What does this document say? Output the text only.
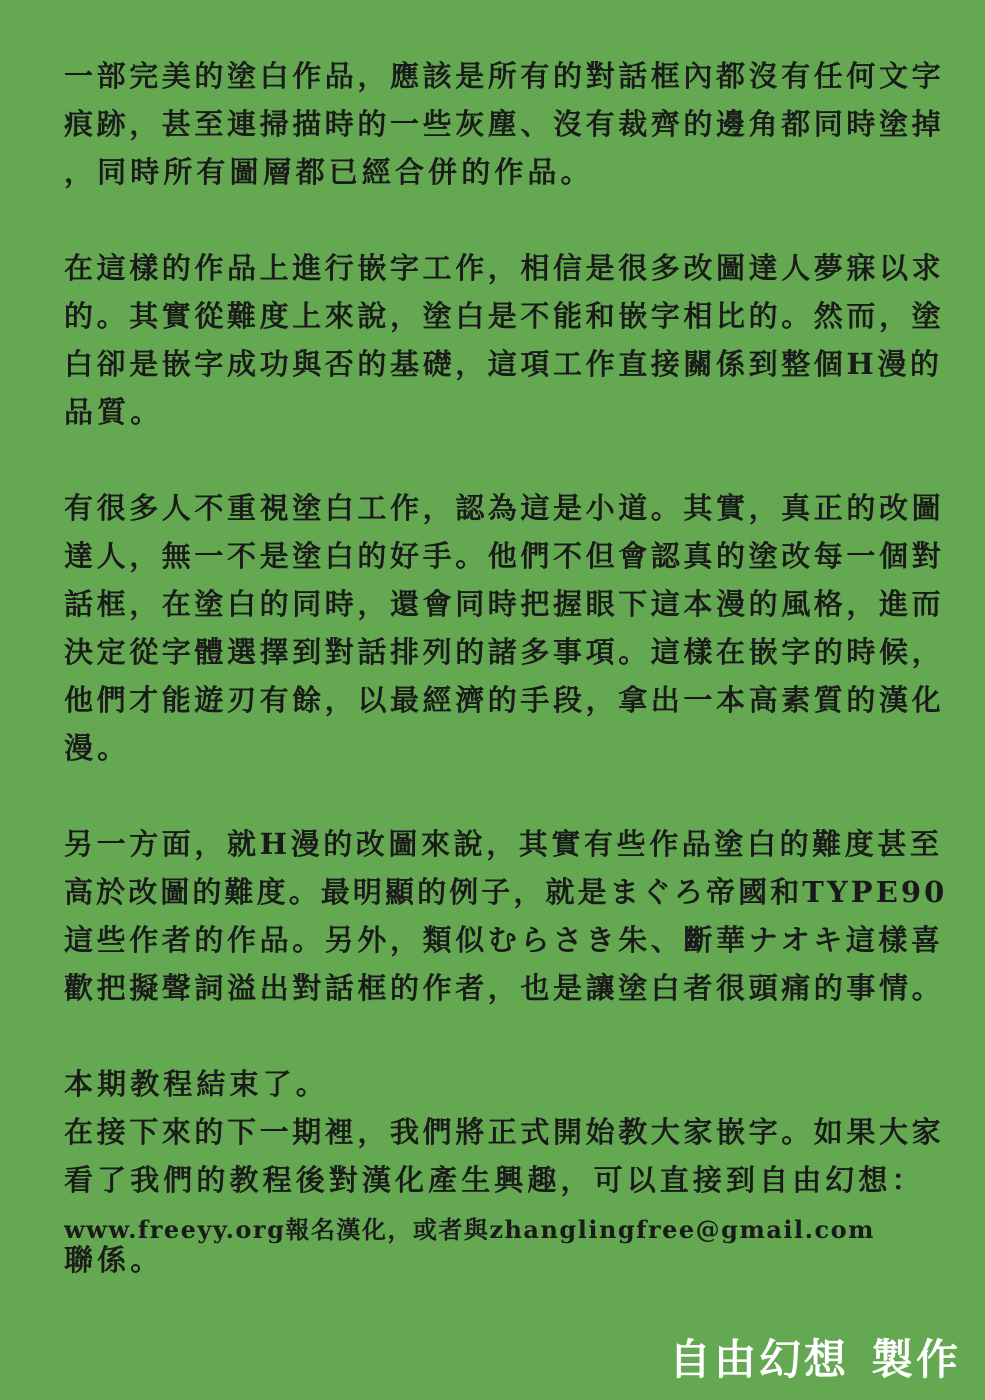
一部完美的塗白作品，應該是所有的對話框內都沒有任何文字
痕跡，甚至連掃描時的一些灰塵、沒有裁齊的邊角都同時塗掉
，同時所有圖層都已經合併的作品。
在這樣的作品上進行嵌字工作，相信是很多改圖達人夢寐以求
的。其實從難度上來說，塗白是不能和嵌字相比的。然而，塗
白卻是嵌字成功與否的基礎，這項工作直接關係到整個H漫的
品質。
有很多人不重視塗白工作，認為這是小道。其實，真正的改圖
達人，無一不是塗白的好手。他們不但會認真的塗改每一個對
話框，在塗白的同時，還會同時把握眼下這本漫的風格，進而
決定從字體選擇到對話排列的諸多事項。這樣在嵌字的時候，
他們才能遊刃有餘，以最經濟的手段，拿出一本高素質的漢化
漫。
另一方面，就H漫的改圖來說，其實有些作品塗白的難度甚至
高於改圖的難度。最明顯的例子，就是まぐろ帝國和TYPE90
這些作者的作品。另外，類似むらさき朱、斷華ナオキ這樣喜
歡把擬聲詞溢出對話框的作者，也是讓塗白者很頭痛的事情。
本期教程結束了。
在接下來的下一期裡，我們將正式開始教大家嵌字。如果大家
看了我們的教程後對漢化產生興趣，可以直接到自由幻想：
www.freeyy.org報名漢化，或者與zhanglingfree@gmail.com
聯係。
自由幻想 製作
